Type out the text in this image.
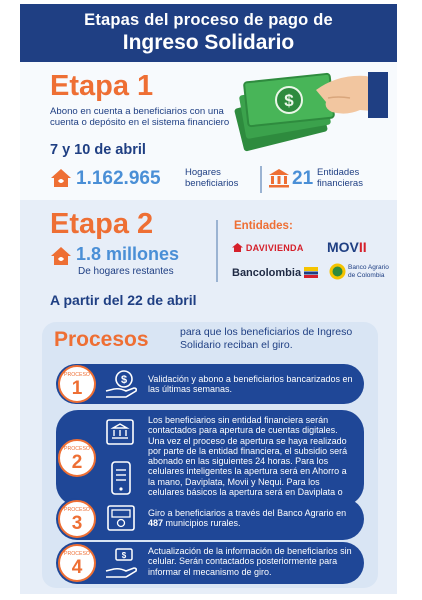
Etapas del proceso de pago de
Ingreso Solidario
Etapa 1
Abono en cuenta a beneficiarios con una cuenta o depósito en el sistema financiero
7 y 10 de abril
$
1.162.965	Hogares
beneficiarios	21 Entidades
financieras
Etapa 2
1.8 millones
De hogares restantes
Entidades:
DAVIVIENDA MOVII
Bancolombia	Banco Agrario
de Colombia
A partir del 22 de abril
Procesos	para que los beneficiarios de Ingreso Solidario reciban el giro.
PROCESO
1	$ Validación y abono a beneficiarios bancarizados en las últimas semanas.
PROCESO
2
Los beneficiarios sin entidad financiera serán contactados para apertura de cuentas digitales. Una vez el proceso de apertura se haya realizado por parte de la entidad financiera, el subsidio será abonado en las siguientes 24 horas. Para los celulares inteligentes la apertura será en Ahorro a la mano, Daviplata, Movii y Nequi. Para los celulares básicos la apertura será en Daviplata o
PROCESO
3	Giro a beneficiarios a través del Banco Agrario en 487 municipios rurales.
PROCESO
4
$ Actualización de la información de beneficiarios sin celular. Serán contactados posteriormente para informar el mecanismo de giro.
